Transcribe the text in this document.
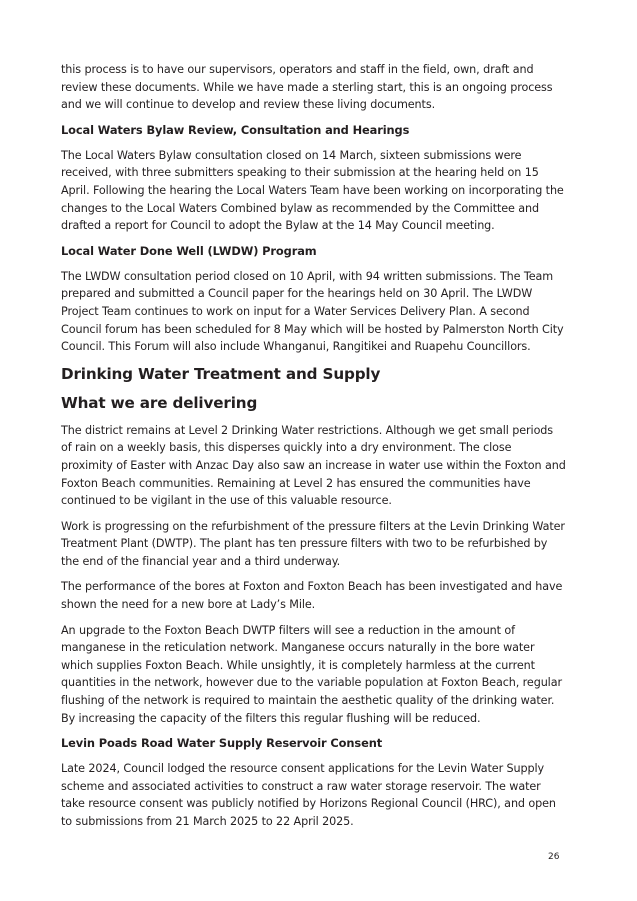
this process is to have our supervisors, operators and staff in the field, own, draft and review these documents. While we have made a sterling start, this is an ongoing process and we will continue to develop and review these living documents.

Local Waters Bylaw Review, Consultation and Hearings

The Local Waters Bylaw consultation closed on 14 March, sixteen submissions were received, with three submitters speaking to their submission at the hearing held on 15 April. Following the hearing the Local Waters Team have been working on incorporating the changes to the Local Waters Combined bylaw as recommended by the Committee and drafted a report for Council to adopt the Bylaw at the 14 May Council meeting.

Local Water Done Well (LWDW) Program

The LWDW consultation period closed on 10 April, with 94 written submissions. The Team prepared and submitted a Council paper for the hearings held on 30 April. The LWDW Project Team continues to work on input for a Water Services Delivery Plan. A second Council forum has been scheduled for 8 May which will be hosted by Palmerston North City Council. This Forum will also include Whanganui, Rangitikei and Ruapehu Councillors.

Drinking Water Treatment and Supply
What we are delivering

The district remains at Level 2 Drinking Water restrictions. Although we get small periods of rain on a weekly basis, this disperses quickly into a dry environment. The close proximity of Easter with Anzac Day also saw an increase in water use within the Foxton and Foxton Beach communities. Remaining at Level 2 has ensured the communities have continued to be vigilant in the use of this valuable resource.

Work is progressing on the refurbishment of the pressure filters at the Levin Drinking Water Treatment Plant (DWTP). The plant has ten pressure filters with two to be refurbished by the end of the financial year and a third underway.

The performance of the bores at Foxton and Foxton Beach has been investigated and have shown the need for a new bore at Lady’s Mile.

An upgrade to the Foxton Beach DWTP filters will see a reduction in the amount of manganese in the reticulation network. Manganese occurs naturally in the bore water which supplies Foxton Beach. While unsightly, it is completely harmless at the current quantities in the network, however due to the variable population at Foxton Beach, regular flushing of the network is required to maintain the aesthetic quality of the drinking water. By increasing the capacity of the filters this regular flushing will be reduced.

Levin Poads Road Water Supply Reservoir Consent

Late 2024, Council lodged the resource consent applications for the Levin Water Supply scheme and associated activities to construct a raw water storage reservoir. The water take resource consent was publicly notified by Horizons Regional Council (HRC), and open to submissions from 21 March 2025 to 22 April 2025.

26
